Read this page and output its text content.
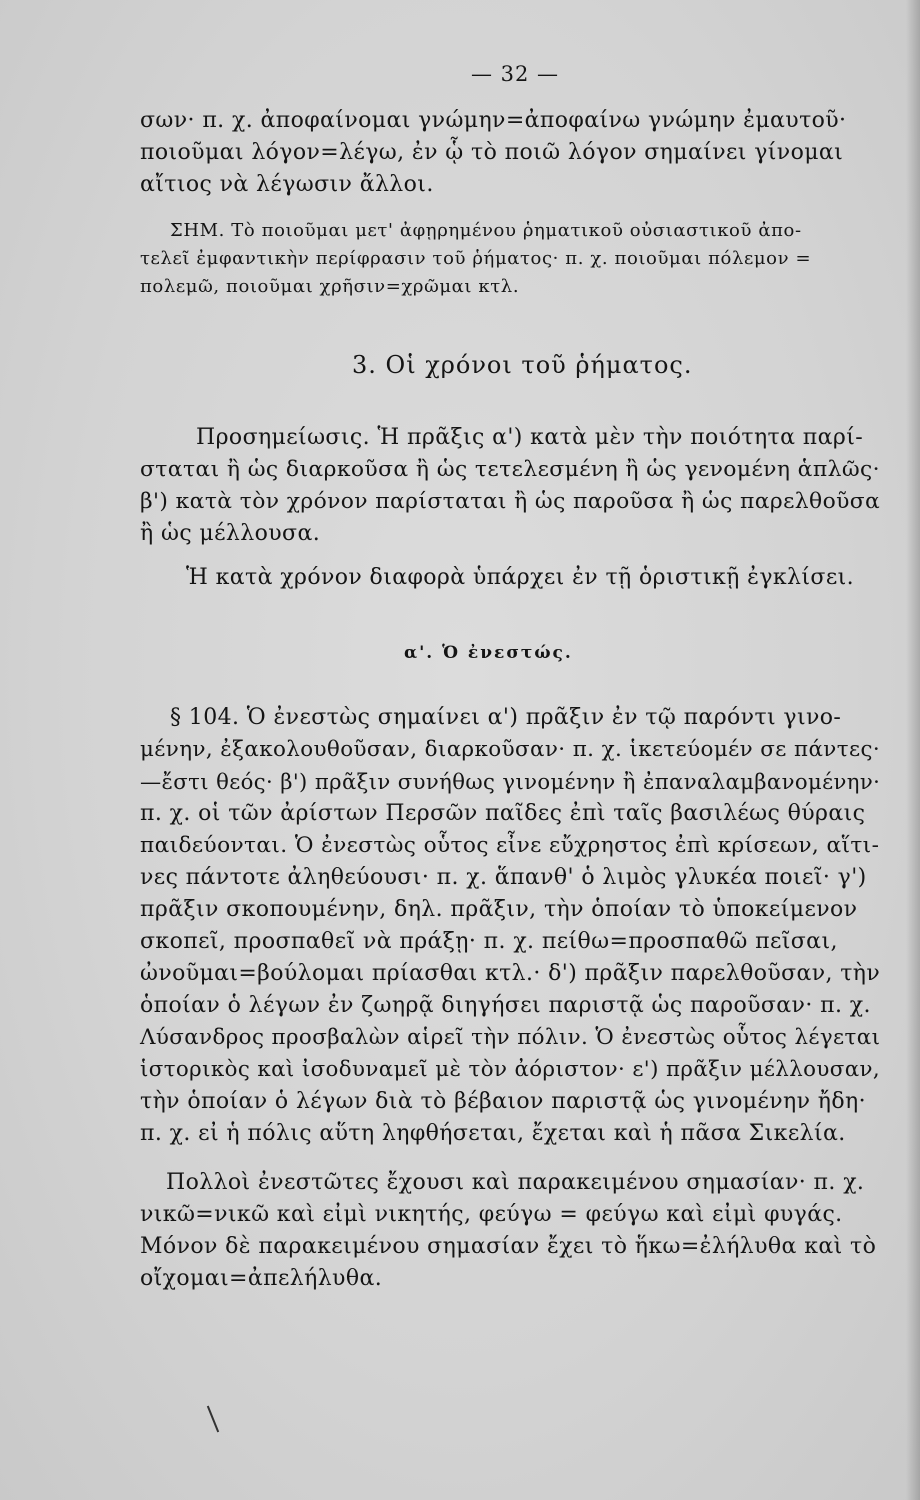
— 32 —
σων· π. χ. ἀποφαίνομαι γνώμην=ἀποφαίνω γνώμην ἐμαυτοῦ·
ποιοῦμαι λόγον=λέγω, ἐν ᾧ τὸ ποιῶ λόγον σημαίνει γίνομαι
αἴτιος νὰ λέγωσιν ἄλλοι.
ΣΗΜ. Τὸ ποιοῦμαι μετ' ἀφῃρημένου ῥηματικοῦ οὐσιαστικοῦ ἀπο-
τελεῖ ἐμφαντικὴν περίφρασιν τοῦ ῥήματος· π. χ. ποιοῦμαι πόλεμον =
πολεμῶ, ποιοῦμαι χρῆσιν=χρῶμαι κτλ.
3. Οἱ χρόνοι τοῦ ῥήματος.
Προσημείωσις. Ἡ πρᾶξις α') κατὰ μὲν τὴν ποιότητα παρί-
σταται ἢ ὡς διαρκοῦσα ἢ ὡς τετελεσμένη ἢ ὡς γενομένη ἁπλῶς·
β') κατὰ τὸν χρόνον παρίσταται ἢ ὡς παροῦσα ἢ ὡς παρελθοῦσα
ἢ ὡς μέλλουσα.
Ἡ κατὰ χρόνον διαφορὰ ὑπάρχει ἐν τῇ ὁριστικῇ ἐγκλίσει.
α'. Ὁ ἐνεστώς.
§ 104. Ὁ ἐνεστὼς σημαίνει α') πρᾶξιν ἐν τῷ παρόντι γινο-
μένην, ἐξακολουθοῦσαν, διαρκοῦσαν· π. χ. ἱκετεύομέν σε πάντες·
—ἔστι θεός· β') πρᾶξιν συνήθως γινομένην ἢ ἐπαναλαμβανομένην·
π. χ. οἱ τῶν ἀρίστων Περσῶν παῖδες ἐπὶ ταῖς βασιλέως θύραις
παιδεύονται. Ὁ ἐνεστὼς οὗτος εἶνε εὔχρηστος ἐπὶ κρίσεων, αἵτι-
νες πάντοτε ἀληθεύουσι· π. χ. ἅπανθ' ὁ λιμὸς γλυκέα ποιεῖ· γ')
πρᾶξιν σκοπουμένην, δηλ. πρᾶξιν, τὴν ὁποίαν τὸ ὑποκείμενον
σκοπεῖ, προσπαθεῖ νὰ πράξῃ· π. χ. πείθω=προσπαθῶ πεῖσαι,
ὠνοῦμαι=βούλομαι πρίασθαι κτλ.· δ') πρᾶξιν παρελθοῦσαν, τὴν
ὁποίαν ὁ λέγων ἐν ζωηρᾷ διηγήσει παριστᾷ ὡς παροῦσαν· π. χ.
Λύσανδρος προσβαλὼν αἱρεῖ τὴν πόλιν. Ὁ ἐνεστὼς οὗτος λέγεται
ἱστορικὸς καὶ ἰσοδυναμεῖ μὲ τὸν ἀόριστον· ε') πρᾶξιν μέλλουσαν,
τὴν ὁποίαν ὁ λέγων διὰ τὸ βέβαιον παριστᾷ ὡς γινομένην ἤδη·
π. χ. εἰ ἡ πόλις αὕτη ληφθήσεται, ἔχεται καὶ ἡ πᾶσα Σικελία.
Πολλοὶ ἐνεστῶτες ἔχουσι καὶ παρακειμένου σημασίαν· π. χ.
νικῶ=νικῶ καὶ εἰμὶ νικητής, φεύγω = φεύγω καὶ εἰμὶ φυγάς.
Μόνον δὲ παρακειμένου σημασίαν ἔχει τὸ ἥκω=ἐλήλυθα καὶ τὸ
οἴχομαι=ἀπελήλυθα.
